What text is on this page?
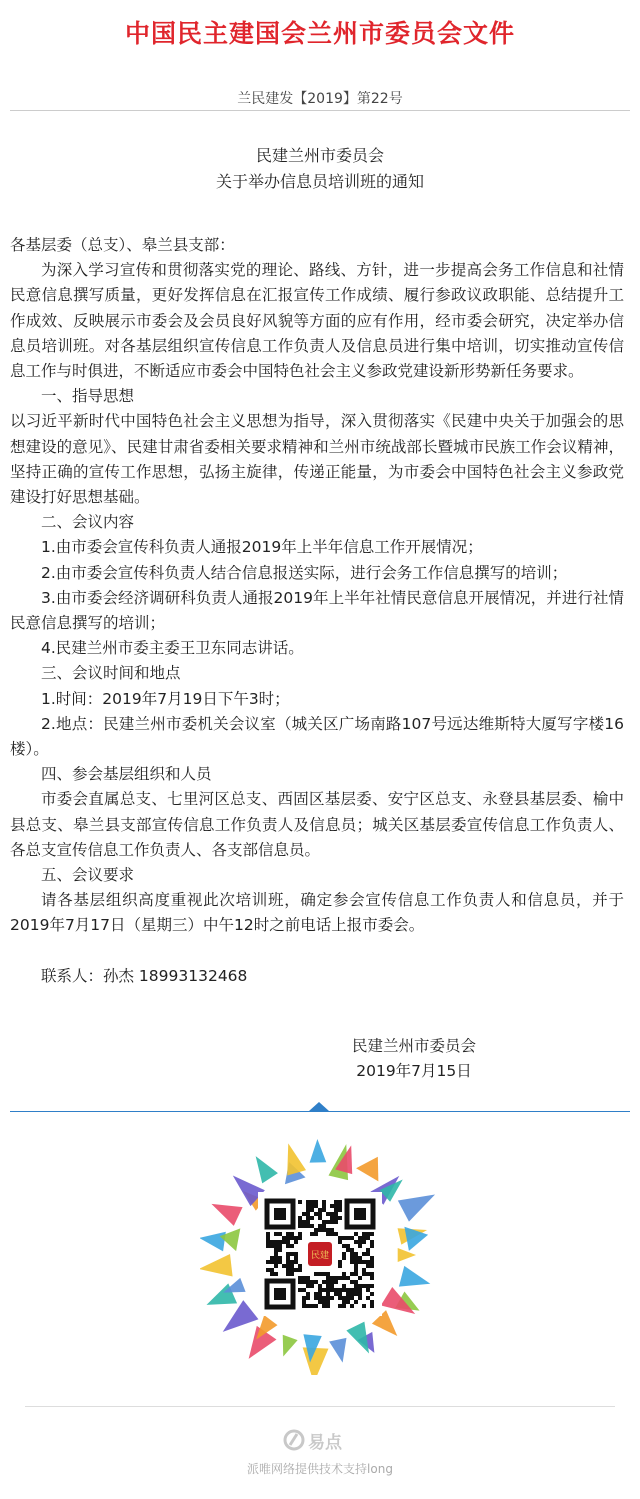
中国民主建国会兰州市委员会文件
兰民建发【2019】第22号
民建兰州市委员会
关于举办信息员培训班的通知

各基层委（总支）、皋兰县支部：

为深入学习宣传和贯彻落实党的理论、路线、方针，进一步提高会务工作信息和社情民意信息撰写质量，更好发挥信息在汇报宣传工作成绩、履行参政议政职能、总结提升工作成效、反映展示市委会及会员良好风貌等方面的应有作用，经市委会研究，决定举办信息员培训班。对各基层组织宣传信息工作负责人及信息员进行集中培训，切实推动宣传信息工作与时俱进，不断适应市委会中国特色社会主义参政党建设新形势新任务要求。

一、指导思想

以习近平新时代中国特色社会主义思想为指导，深入贯彻落实《民建中央关于加强会的思想建设的意见》、民建甘肃省委相关要求精神和兰州市统战部长暨城市民族工作会议精神，坚持正确的宣传工作思想，弘扬主旋律，传递正能量，为市委会中国特色社会主义参政党建设打好思想基础。

二、会议内容

1.由市委会宣传科负责人通报2019年上半年信息工作开展情况；

2.由市委会宣传科负责人结合信息报送实际，进行会务工作信息撰写的培训；

3.由市委会经济调研科负责人通报2019年上半年社情民意信息开展情况，并进行社情民意信息撰写的培训；

4.民建兰州市委主委王卫东同志讲话。

三、会议时间和地点

1.时间：2019年7月19日下午3时；

2.地点：民建兰州市委机关会议室（城关区广场南路107号远达维斯特大厦写字楼16楼）。

四、参会基层组织和人员

市委会直属总支、七里河区总支、西固区基层委、安宁区总支、永登县基层委、榆中县总支、皋兰县支部宣传信息工作负责人及信息员；城关区基层委宣传信息工作负责人、各总支宣传信息工作负责人、各支部信息员。

五、会议要求

请各基层组织高度重视此次培训班，确定参会宣传信息工作负责人和信息员，并于2019年7月17日（星期三）中午12时之前电话上报市委会。

联系人：孙杰 18993132468

民建兰州市委员会
2019年7月15日
民建
易点
派唯网络提供技术支持long
